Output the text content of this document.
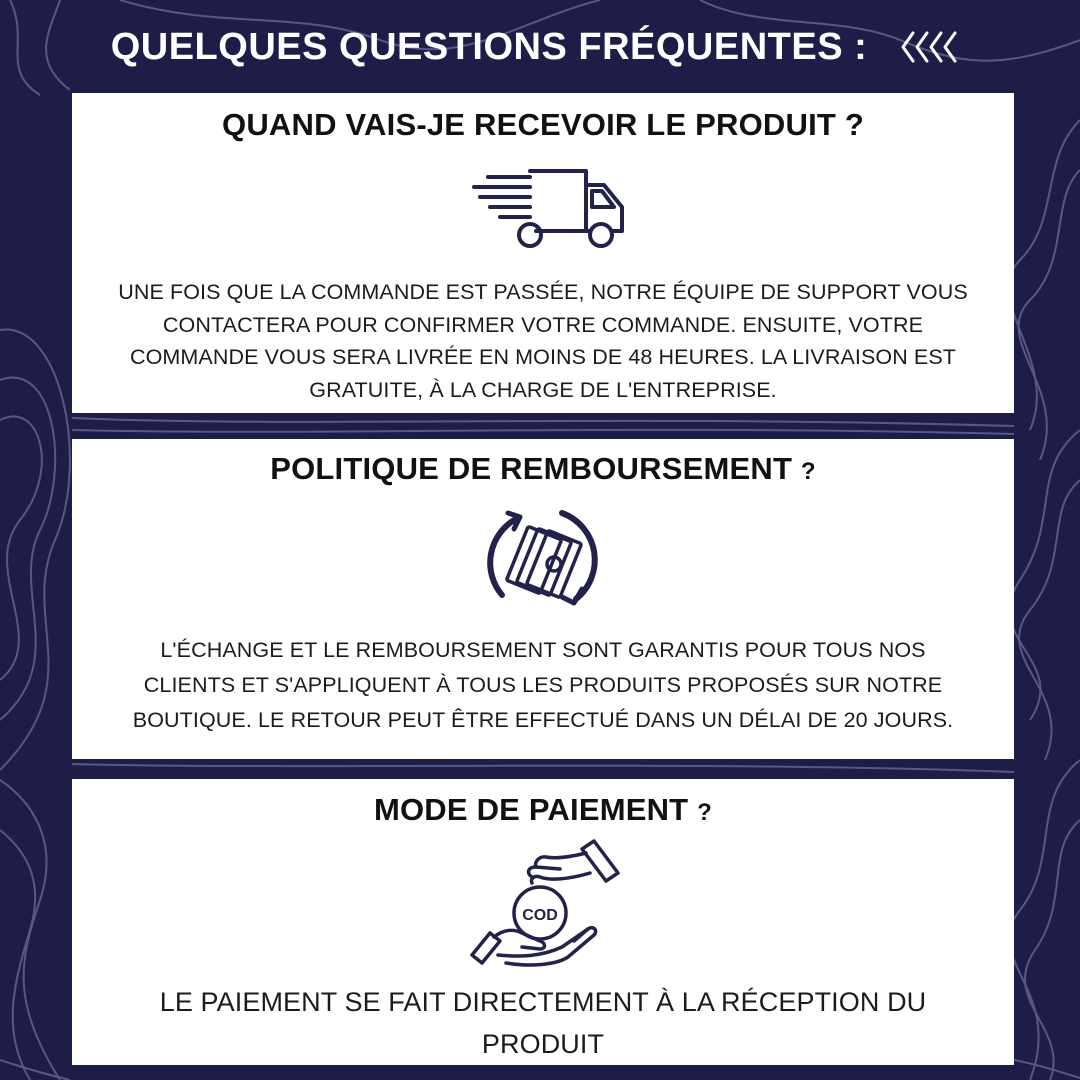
QUELQUES QUESTIONS FRÉQUENTES :
QUAND VAIS-JE RECEVOIR LE PRODUIT ?
UNE FOIS QUE LA COMMANDE EST PASSÉE, NOTRE ÉQUIPE DE SUPPORT VOUS CONTACTERA POUR CONFIRMER VOTRE COMMANDE. ENSUITE, VOTRE COMMANDE VOUS SERA LIVRÉE EN MOINS DE 48 HEURES. LA LIVRAISON EST GRATUITE, À LA CHARGE DE L'ENTREPRISE.
POLITIQUE DE REMBOURSEMENT ?
L'ÉCHANGE ET LE REMBOURSEMENT SONT GARANTIS POUR TOUS NOS CLIENTS ET S'APPLIQUENT À TOUS LES PRODUITS PROPOSÉS SUR NOTRE BOUTIQUE. LE RETOUR PEUT ÊTRE EFFECTUÉ DANS UN DÉLAI DE 20 JOURS.
MODE DE PAIEMENT ?
COD
LE PAIEMENT SE FAIT DIRECTEMENT À LA RÉCEPTION DU PRODUIT
